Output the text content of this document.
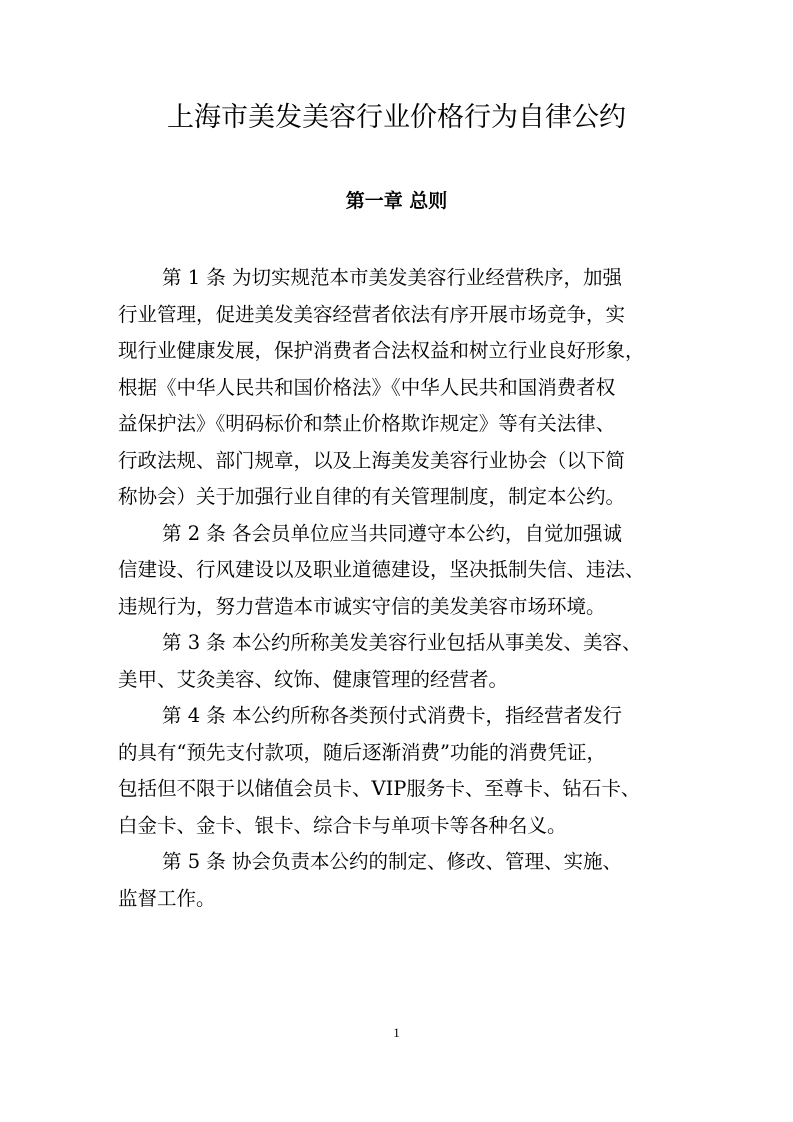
上海市美发美容行业价格行为自律公约
第一章 总则
第 1 条 为切实规范本市美发美容行业经营秩序，加强
行业管理，促进美发美容经营者依法有序开展市场竞争，实
现行业健康发展，保护消费者合法权益和树立行业良好形象，
根据《中华人民共和国价格法》《中华人民共和国消费者权
益保护法》《明码标价和禁止价格欺诈规定》等有关法律、
行政法规、部门规章，以及上海美发美容行业协会（以下简
称协会）关于加强行业自律的有关管理制度，制定本公约。
第 2 条 各会员单位应当共同遵守本公约，自觉加强诚
信建设、行风建设以及职业道德建设，坚决抵制失信、违法、
违规行为，努力营造本市诚实守信的美发美容市场环境。
第 3 条 本公约所称美发美容行业包括从事美发、美容、
美甲、艾灸美容、纹饰、健康管理的经营者。
第 4 条 本公约所称各类预付式消费卡，指经营者发行
的具有“预先支付款项，随后逐渐消费”功能的消费凭证，
包括但不限于以储值会员卡、VIP服务卡、至尊卡、钻石卡、
白金卡、金卡、银卡、综合卡与单项卡等各种名义。
第 5 条 协会负责本公约的制定、修改、管理、实施、
监督工作。
1
